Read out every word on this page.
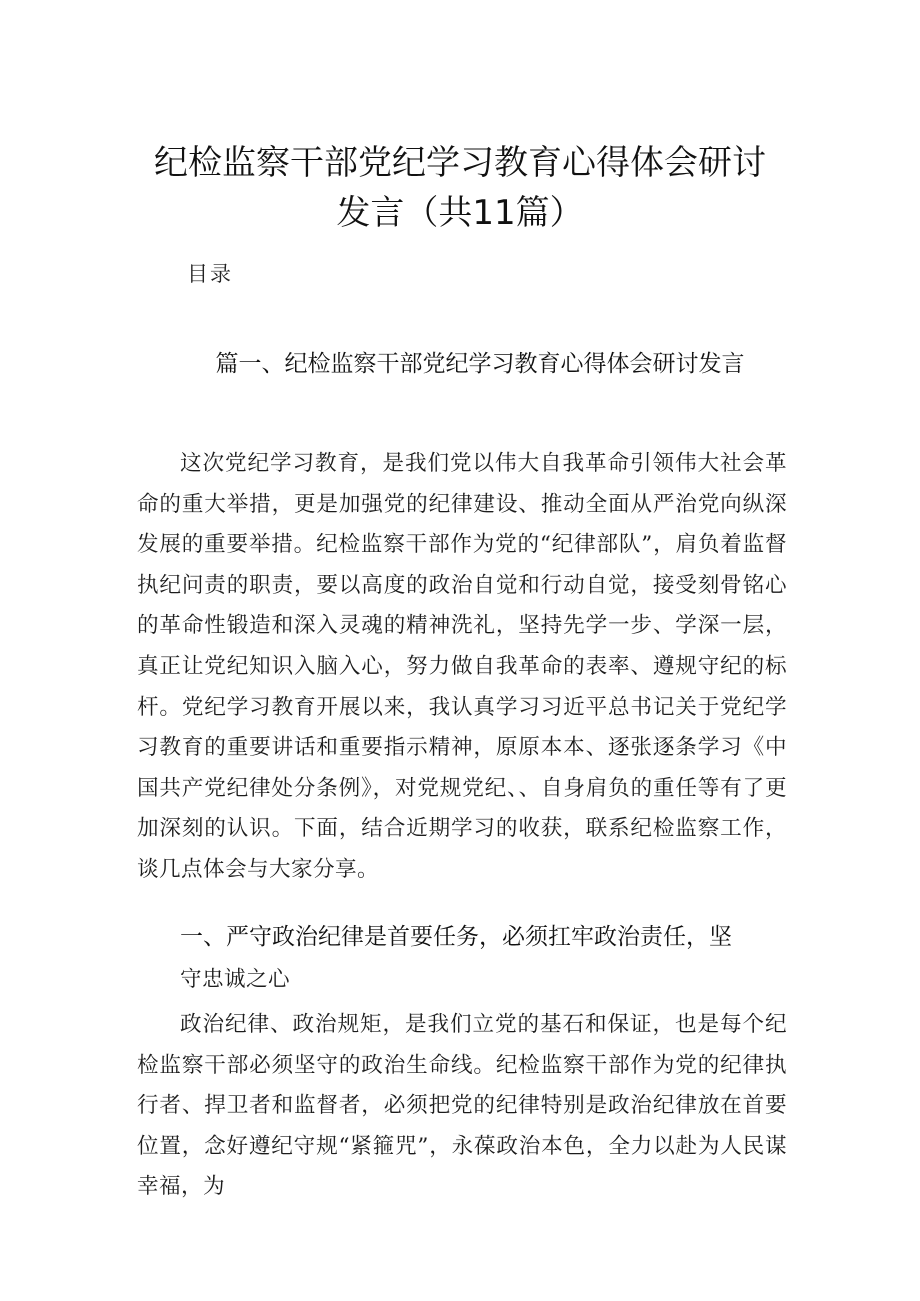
纪检监察干部党纪学习教育心得体会研讨
发言（共11篇）
目录
篇一、纪检监察干部党纪学习教育心得体会研讨发言

这次党纪学习教育，是我们党以伟大自我革命引领伟大社会革命的重大举措，更是加强党的纪律建设、推动全面从严治党向纵深发展的重要举措。纪检监察干部作为党的“纪律部队”，肩负着监督执纪问责的职责，要以高度的政治自觉和行动自觉，接受刻骨铭心的革命性锻造和深入灵魂的精神洗礼，坚持先学一步、学深一层，真正让党纪知识入脑入心，努力做自我革命的表率、遵规守纪的标杆。党纪学习教育开展以来，我认真学习习近平总书记关于党纪学习教育的重要讲话和重要指示精神，原原本本、逐张逐条学习《中国共产党纪律处分条例》，对党规党纪、、自身肩负的重任等有了更加深刻的认识。下面，结合近期学习的收获，联系纪检监察工作，谈几点体会与大家分享。

一、严守政治纪律是首要任务，必须扛牢政治责任，坚
守忠诚之心

政治纪律、政治规矩，是我们立党的基石和保证，也是每个纪检监察干部必须坚守的政治生命线。纪检监察干部作为党的纪律执行者、捍卫者和监督者，必须把党的纪律特别是政治纪律放在首要位置，念好遵纪守规“紧箍咒”，永葆政治本色，全力以赴为人民谋幸福，为
